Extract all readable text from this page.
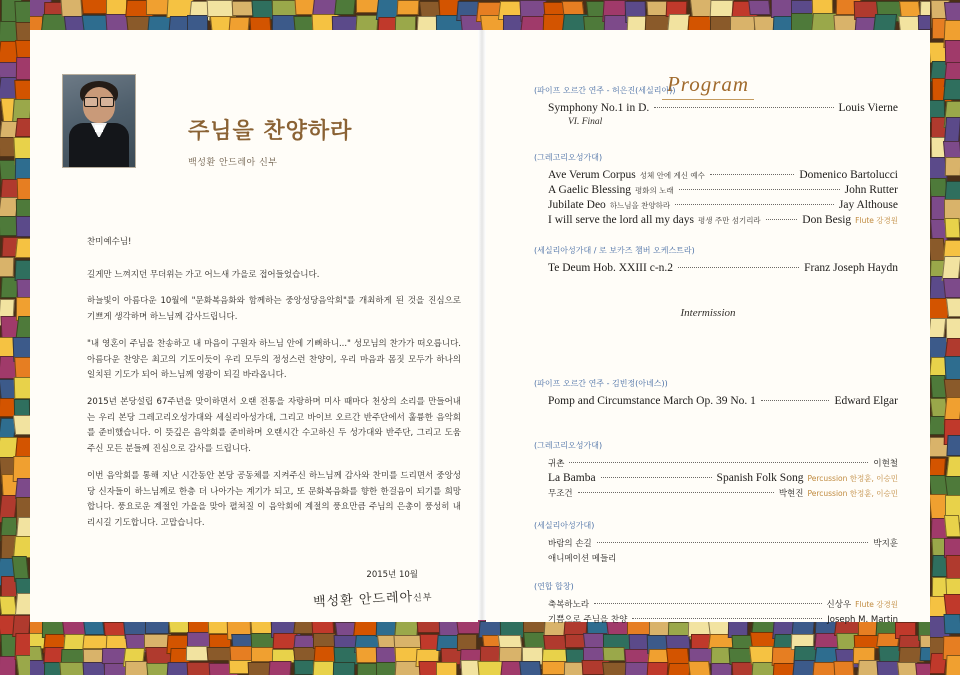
주님을 찬양하라
백성환 안드레아 신부

찬미예수님!

길게만 느껴지던 무더위는 가고 어느새 가을로 접어들었습니다.

하늘빛이 아름다운 10월에 "문화복음화와 함께하는 중앙성당음악회"를 개최하게 된 것을 진심으로 기쁘게 생각하며 하느님께 감사드립니다.

"내 영혼이 주님을 찬송하고 내 마음이 구원자 하느님 안에 기뻐하니..." 성모님의 찬가가 떠오릅니다. 아름다운 찬양은 최고의 기도이듯이 우리 모두의 정성스런 찬양이, 우리 마음과 몸짓 모두가 하나의 일치된 기도가 되어 하느님께 영광이 되길 바라옵니다.

2015년 본당설립 67주년을 맞이하면서 오랜 전통을 자랑하며 미사 때마다 천상의 소리를 만들어내는 우리 본당 그레고리오성가대와 세실리아성가대, 그리고 바이브 오르간 반주단에서 훌륭한 음악회를 준비했습니다. 이 뜻깊은 음악회를 준비하며 오랜시간 수고하신 두 성가대와 반주단, 그리고 도움주신 모든 분들께 진심으로 감사를 드립니다.

이번 음악회를 통해 지난 시간동안 본당 공동체를 지켜주신 하느님께 감사와 찬미를 드리면서 중앙성당 신자들이 하느님께로 한층 더 나아가는 계기가 되고, 또 문화복음화를 향한 한걸음이 되기를 희망합니다. 풍요로운 계절인 가을을 맞아 펼쳐질 이 음악회에 계절의 풍요만큼 주님의 은총이 풍성히 내리시길 기도합니다. 고맙습니다.

2015년 10월
백성환 안드레아신부
Program
(파이프 오르간 연주 - 허은진(세실리아))
Symphony No.1 in D.	Louis Vierne
VI. Final
(그레고리오성가대)
Ave Verum Corpus 성체 안에 계신 예수	Domenico Bartolucci
A Gaelic Blessing 평화의 노래	John Rutter
Jubilate Deo 하느님을 찬양하라	Jay Althouse
I will serve the lord all my days 평생 주만 섬기리라	Don Besig Flute 강경원
(세실리아성가대 / 로 보카즈 챔버 오케스트라)
Te Deum Hob. XXIII c-n.2	Franz Joseph Haydn
Intermission
(파이프 오르간 연주 - 김빈정(아녜스))
Pomp and Circumstance March Op. 39 No. 1	Edward Elgar
(그레고리오성가대)
귀촌	이현철
La Bamba	Spanish Folk Song Percussion 한정훈, 이승민
무조건	박현진 Percussion 한정훈, 이승민
(세실리아성가대)
바람의 손길	박지훈
애니메이션 메들리
(연합 합창)
축복하노라	신상우 Flute 강경원
기쁨으로 주님을 찬양	Joseph M. Martin
